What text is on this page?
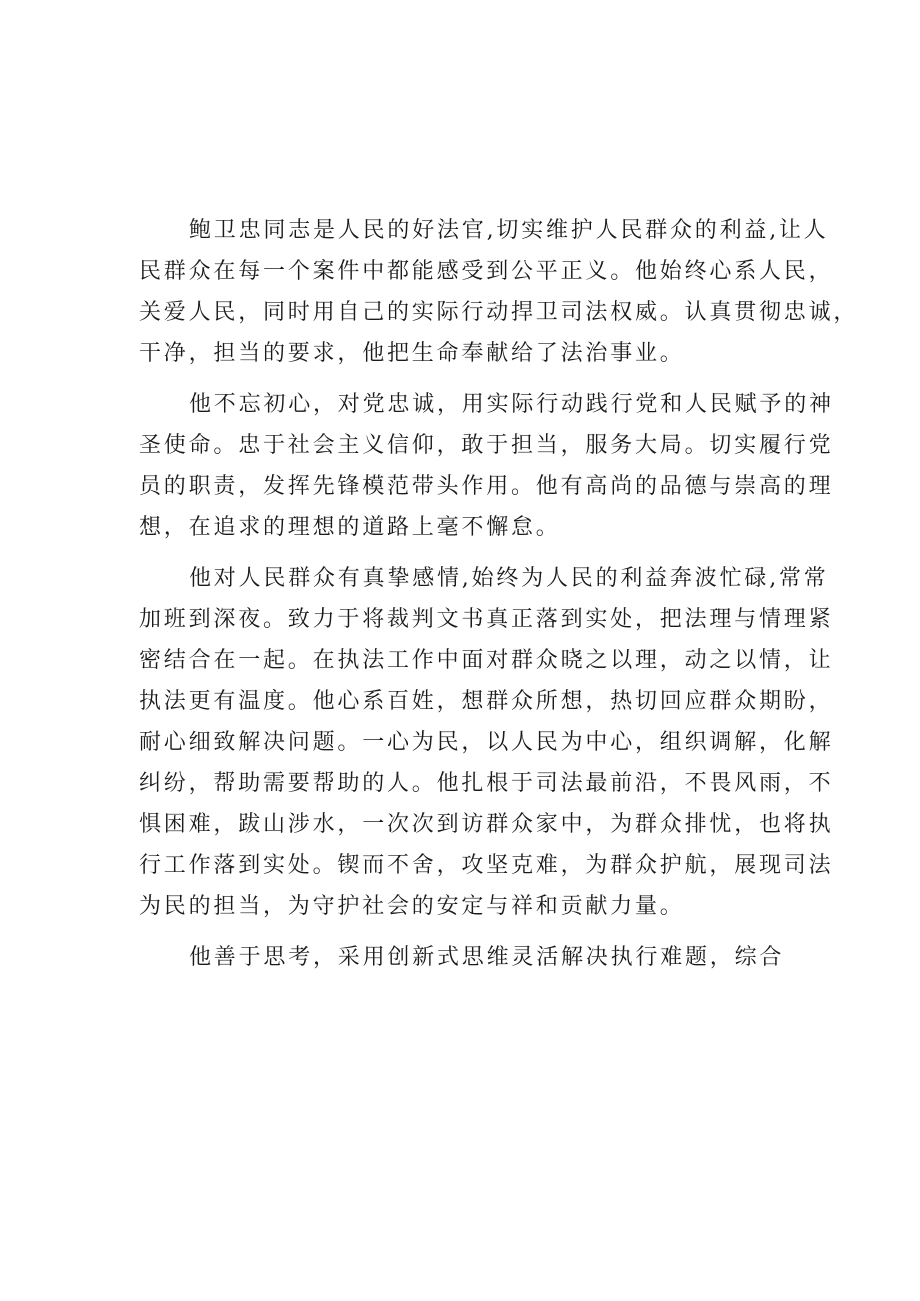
鲍卫忠同志是人民的好法官,切实维护人民群众的利益,让人
民群众在每一个案件中都能感受到公平正义。他始终心系人民，
关爱人民，同时用自己的实际行动捍卫司法权威。认真贯彻忠诚，
干净，担当的要求，他把生命奉献给了法治事业。
他不忘初心，对党忠诚，用实际行动践行党和人民赋予的神
圣使命。忠于社会主义信仰，敢于担当，服务大局。切实履行党
员的职责，发挥先锋模范带头作用。他有高尚的品德与崇高的理
想，在追求的理想的道路上毫不懈怠。
他对人民群众有真挚感情,始终为人民的利益奔波忙碌,常常
加班到深夜。致力于将裁判文书真正落到实处，把法理与情理紧
密结合在一起。在执法工作中面对群众晓之以理，动之以情，让
执法更有温度。他心系百姓，想群众所想，热切回应群众期盼，
耐心细致解决问题。一心为民，以人民为中心，组织调解，化解
纠纷，帮助需要帮助的人。他扎根于司法最前沿，不畏风雨，不
惧困难，跋山涉水，一次次到访群众家中，为群众排忧，也将执
行工作落到实处。锲而不舍，攻坚克难，为群众护航，展现司法
为民的担当，为守护社会的安定与祥和贡献力量。
他善于思考，采用创新式思维灵活解决执行难题，综合
